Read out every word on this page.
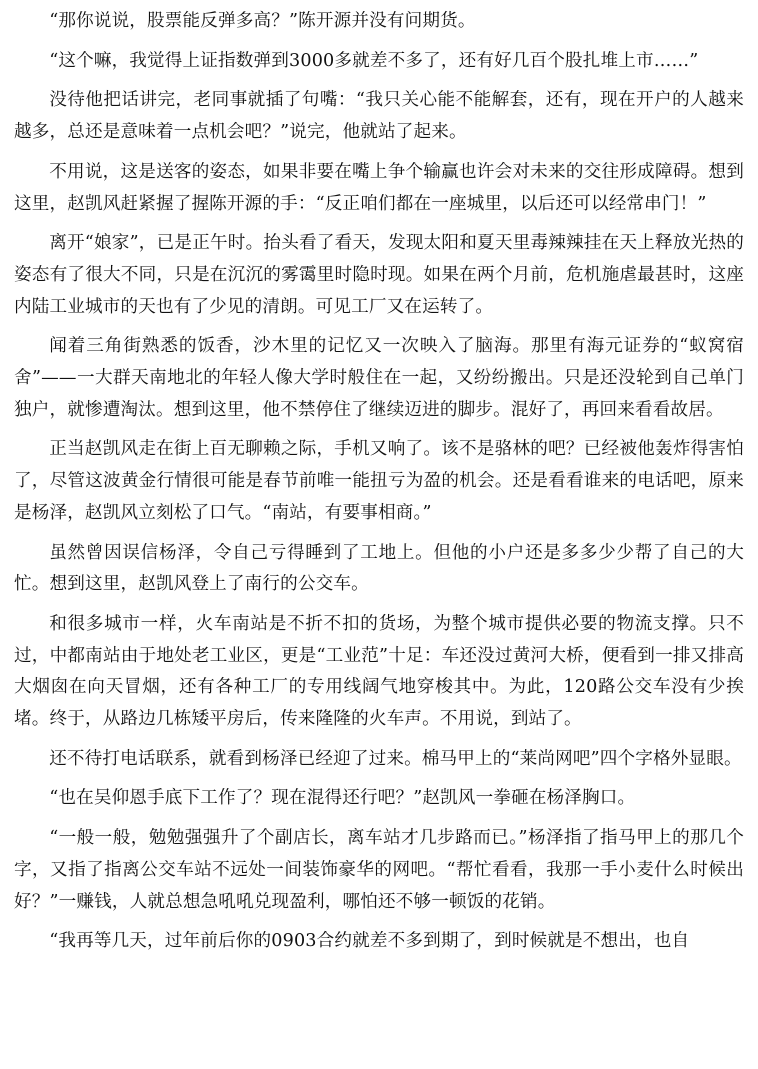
“那你说说，股票能反弹多高？”陈开源并没有问期货。

“这个嘛，我觉得上证指数弹到3000多就差不多了，还有好几百个股扎堆上市……”

没待他把话讲完，老同事就插了句嘴：“我只关心能不能解套，还有，现在开户的人越来越多，总还是意味着一点机会吧？”说完，他就站了起来。

不用说，这是送客的姿态，如果非要在嘴上争个输赢也许会对未来的交往形成障碍。想到这里，赵凯风赶紧握了握陈开源的手：“反正咱们都在一座城里，以后还可以经常串门！”

离开“娘家”，已是正午时。抬头看了看天，发现太阳和夏天里毒辣辣挂在天上释放光热的姿态有了很大不同，只是在沉沉的雾霭里时隐时现。如果在两个月前，危机施虐最甚时，这座内陆工业城市的天也有了少见的清朗。可见工厂又在运转了。

闻着三角街熟悉的饭香，沙木里的记忆又一次映入了脑海。那里有海元证券的“蚁窝宿舍”——一大群天南地北的年轻人像大学时般住在一起，又纷纷搬出。只是还没轮到自己单门独户，就惨遭淘汰。想到这里，他不禁停住了继续迈进的脚步。混好了，再回来看看故居。

正当赵凯风走在街上百无聊赖之际，手机又响了。该不是骆林的吧？已经被他轰炸得害怕了，尽管这波黄金行情很可能是春节前唯一能扭亏为盈的机会。还是看看谁来的电话吧，原来是杨泽，赵凯风立刻松了口气。“南站，有要事相商。”

虽然曾因误信杨泽，令自己亏得睡到了工地上。但他的小户还是多多少少帮了自己的大忙。想到这里，赵凯风登上了南行的公交车。

和很多城市一样，火车南站是不折不扣的货场，为整个城市提供必要的物流支撑。只不过，中都南站由于地处老工业区，更是“工业范”十足：车还没过黄河大桥，便看到一排又排高大烟囱在向天冒烟，还有各种工厂的专用线阔气地穿梭其中。为此，120路公交车没有少挨堵。终于，从路边几栋矮平房后，传来隆隆的火车声。不用说，到站了。

还不待打电话联系，就看到杨泽已经迎了过来。棉马甲上的“莱尚网吧”四个字格外显眼。

“也在吴仰恩手底下工作了？现在混得还行吧？”赵凯风一拳砸在杨泽胸口。

“一般一般，勉勉强强升了个副店长，离车站才几步路而已。”杨泽指了指马甲上的那几个字，又指了指离公交车站不远处一间装饰豪华的网吧。“帮忙看看，我那一手小麦什么时候出好？”一赚钱，人就总想急吼吼兑现盈利，哪怕还不够一顿饭的花销。

“我再等几天，过年前后你的0903合约就差不多到期了，到时候就是不想出，也自
